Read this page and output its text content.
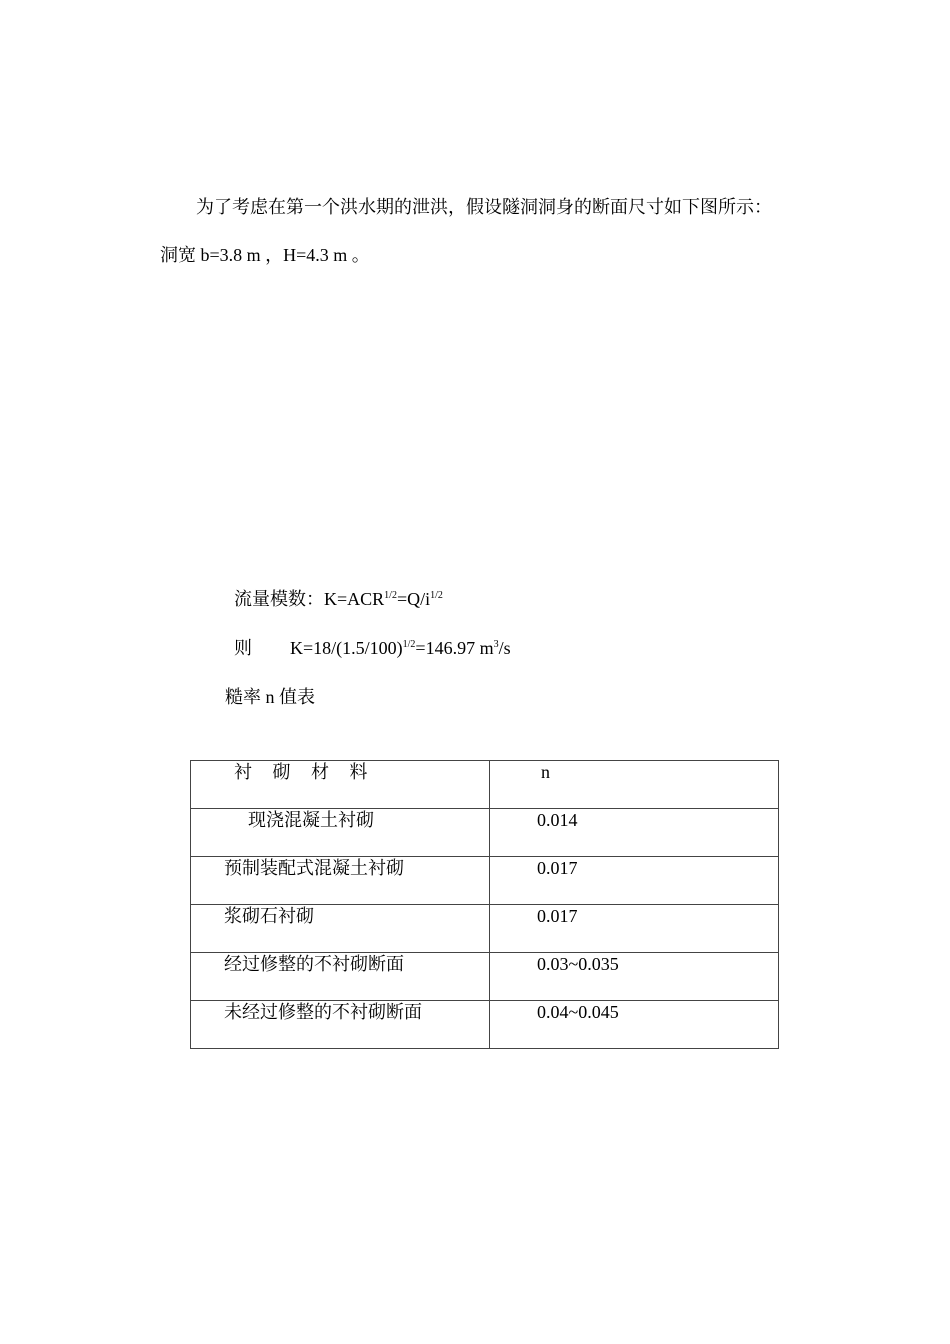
为了考虑在第一个洪水期的泄洪，假设隧洞洞身的断面尺寸如下图所示：
洞宽 b=3.8 m ，H=4.3 m 。
流量模数：$K=ACR^{1/2}=Q/i^{1/2}$
则 $K=18/(1.5/100)^{1/2}=146.97$ $m^3/s$
糙率 n 值表
衬 砌 材 料	n
现浇混凝土衬砌	0.014
预制装配式混凝土衬砌	0.017
浆砌石衬砌	0.017
经过修整的不衬砌断面	0.03~0.035
未经过修整的不衬砌断面	0.04~0.045
